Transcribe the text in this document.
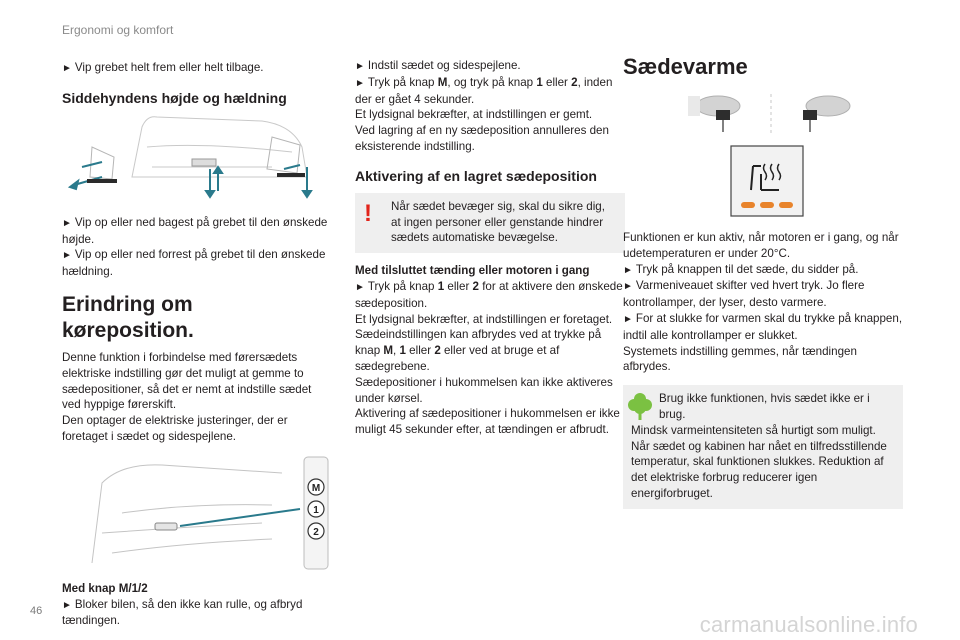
Ergonomi og komfort

► Vip grebet helt frem eller helt tilbage.

Siddehyndens højde og hældning

► Vip op eller ned bagest på grebet til den ønskede højde.

► Vip op eller ned forrest på grebet til den ønskede hældning.

Erindring om køreposition.

Denne funktion i forbindelse med førersædets elektriske indstilling gør det muligt at gemme to sædepositioner, så det er nemt at indstille sædet ved hyppige førerskift.

Den optager de elektriske justeringer, der er foretaget i sædet og sidespejlene.

M
1
2

Med knap M/1/2

► Bloker bilen, så den ikke kan rulle, og afbryd tændingen.

► Indstil sædet og sidespejlene.

► Tryk på knap M, og tryk på knap 1 eller 2, inden der er gået 4 sekunder.

Et lydsignal bekræfter, at indstillingen er gemt.

Ved lagring af en ny sædeposition annulleres den eksisterende indstilling.

Aktivering af en lagret sædeposition
!	Når sædet bevæger sig, skal du sikre dig, at ingen personer eller genstande hindrer sædets automatiske bevægelse.

Med tilsluttet tænding eller motoren i gang

► Tryk på knap 1 eller 2 for at aktivere den ønskede sædeposition.

Et lydsignal bekræfter, at indstillingen er foretaget.

Sædeindstillingen kan afbrydes ved at trykke på knap M, 1 eller 2 eller ved at bruge et af sædegrebene.

Sædepositioner i hukommelsen kan ikke aktiveres under kørsel.

Aktivering af sædepositioner i hukommelsen er ikke muligt 45 sekunder efter, at tændingen er afbrudt.

Sædevarme

Funktionen er kun aktiv, når motoren er i gang, og når udetemperaturen er under 20°C.

► Tryk på knappen til det sæde, du sidder på.

► Varmeniveauet skifter ved hvert tryk. Jo flere kontrollamper, der lyser, desto varmere.

► For at slukke for varmen skal du trykke på knappen, indtil alle kontrollamper er slukket.

Systemets indstilling gemmes, når tændingen afbrydes.

Brug ikke funktionen, hvis sædet ikke er i brug.

Mindsk varmeintensiteten så hurtigt som muligt.

Når sædet og kabinen har nået en tilfredsstillende temperatur, skal funktionen slukkes. Reduktion af det elektriske forbrug reducerer igen energiforbruget.

46
carmanualsonline.info
